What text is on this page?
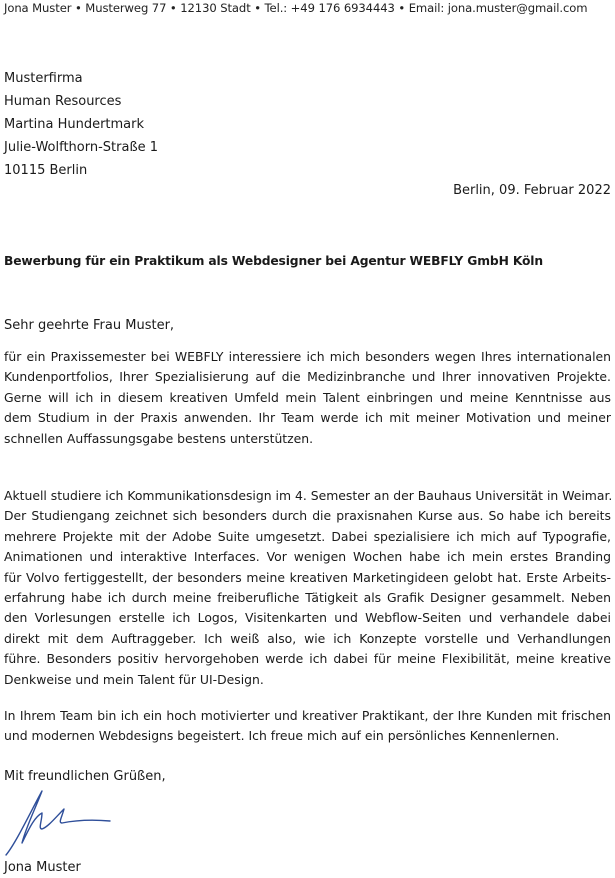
Jona Muster • Musterweg 77 • 12130 Stadt • Tel.: +49 176 6934443 • Email: jona.muster@gmail.com
Musterfirma
Human Resources
Martina Hundertmark
Julie-Wolfthorn-Straße 1
10115 Berlin
Berlin, 09. Februar 2022
Bewerbung für ein Praktikum als Webdesigner bei Agentur WEBFLY GmbH Köln
Sehr geehrte Frau Muster,
für ein Praxissemester bei WEBFLY interessiere ich mich besonders wegen Ihres internationalen
Kundenportfolios, Ihrer Spezialisierung auf die Medizinbranche und Ihrer innovativen Projekte.
Gerne will ich in diesem kreativen Umfeld mein Talent einbringen und meine Kenntnisse aus
dem Studium in der Praxis anwenden. Ihr Team werde ich mit meiner Motivation und meiner
schnellen Auffassungsgabe bestens unterstützen.
Aktuell studiere ich Kommunikationsdesign im 4. Semester an der Bauhaus Universität in Weimar.
Der Studiengang zeichnet sich besonders durch die praxisnahen Kurse aus. So habe ich bereits
mehrere Projekte mit der Adobe Suite umgesetzt. Dabei spezialisiere ich mich auf Typografie,
Animationen und interaktive Interfaces. Vor wenigen Wochen habe ich mein erstes Branding
für Volvo fertiggestellt, der besonders meine kreativen Marketingideen gelobt hat. Erste Arbeits-
erfahrung habe ich durch meine freiberufliche Tätigkeit als Grafik Designer gesammelt. Neben
den Vorlesungen erstelle ich Logos, Visitenkarten und Webflow-Seiten und verhandele dabei
direkt mit dem Auftraggeber. Ich weiß also, wie ich Konzepte vorstelle und Verhandlungen
führe. Besonders positiv hervorgehoben werde ich dabei für meine Flexibilität, meine kreative
Denkweise und mein Talent für UI-Design.
In Ihrem Team bin ich ein hoch motivierter und kreativer Praktikant, der Ihre Kunden mit frischen
und modernen Webdesigns begeistert. Ich freue mich auf ein persönliches Kennenlernen.
Mit freundlichen Grüßen,
Jona Muster
